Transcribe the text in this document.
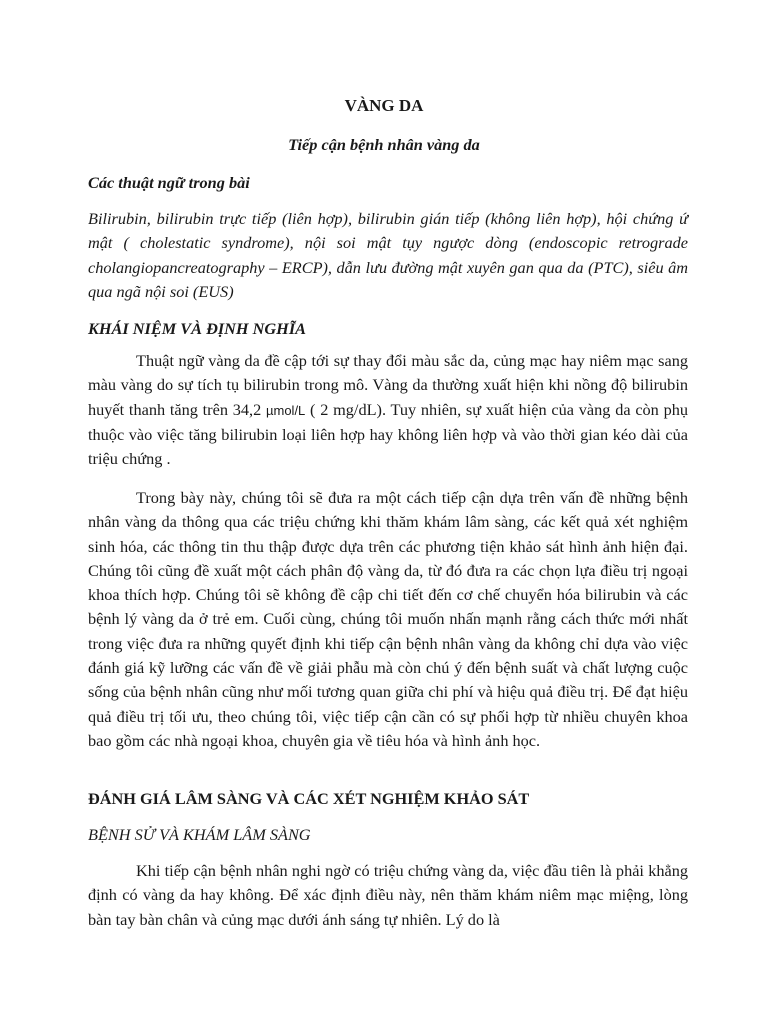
VÀNG DA
Tiếp cận bệnh nhân vàng da

Các thuật ngữ trong bài

Bilirubin, bilirubin trực tiếp (liên hợp), bilirubin gián tiếp (không liên hợp), hội chứng ứ mật ( cholestatic syndrome), nội soi mật tụy ngược dòng (endoscopic retrograde cholangiopancreatography – ERCP), dẫn lưu đường mật xuyên gan qua da (PTC), siêu âm qua ngã nội soi (EUS)

KHÁI NIỆM VÀ ĐỊNH NGHĨA

Thuật ngữ vàng da đề cập tới sự thay đổi màu sắc da, củng mạc hay niêm mạc sang màu vàng do sự tích tụ bilirubin trong mô. Vàng da thường xuất hiện khi nồng độ bilirubin huyết thanh tăng trên 34,2 µmol/L ( 2 mg/dL). Tuy nhiên, sự xuất hiện của vàng da còn phụ thuộc vào việc tăng bilirubin loại liên hợp hay không liên hợp và vào thời gian kéo dài của triệu chứng .

Trong bày này, chúng tôi sẽ đưa ra một cách tiếp cận dựa trên vấn đề những bệnh nhân vàng da thông qua các triệu chứng khi thăm khám lâm sàng, các kết quả xét nghiệm sinh hóa, các thông tin thu thập được dựa trên các phương tiện khảo sát hình ảnh hiện đại. Chúng tôi cũng đề xuất một cách phân độ vàng da, từ đó đưa ra các chọn lựa điều trị ngoại khoa thích hợp. Chúng tôi sẽ không đề cập chi tiết đến cơ chế chuyển hóa bilirubin và các bệnh lý vàng da ở trẻ em. Cuối cùng, chúng tôi muốn nhấn mạnh rằng cách thức mới nhất trong việc đưa ra những quyết định khi tiếp cận bệnh nhân vàng da không chỉ dựa vào việc đánh giá kỹ lưỡng các vấn đề về giải phẫu mà còn chú ý đến bệnh suất và chất lượng cuộc sống của bệnh nhân cũng như mối tương quan giữa chi phí và hiệu quả điều trị. Để đạt hiệu quả điều trị tối ưu, theo chúng tôi, việc tiếp cận cần có sự phối hợp từ nhiều chuyên khoa bao gồm các nhà ngoại khoa, chuyên gia về tiêu hóa và hình ảnh học.

ĐÁNH GIÁ LÂM SÀNG VÀ CÁC XÉT NGHIỆM KHẢO SÁT

BỆNH SỬ VÀ KHÁM LÂM SÀNG

Khi tiếp cận bệnh nhân nghi ngờ có triệu chứng vàng da, việc đầu tiên là phải khẳng định có vàng da hay không. Để xác định điều này, nên thăm khám niêm mạc miệng, lòng bàn tay bàn chân và củng mạc dưới ánh sáng tự nhiên. Lý do là
